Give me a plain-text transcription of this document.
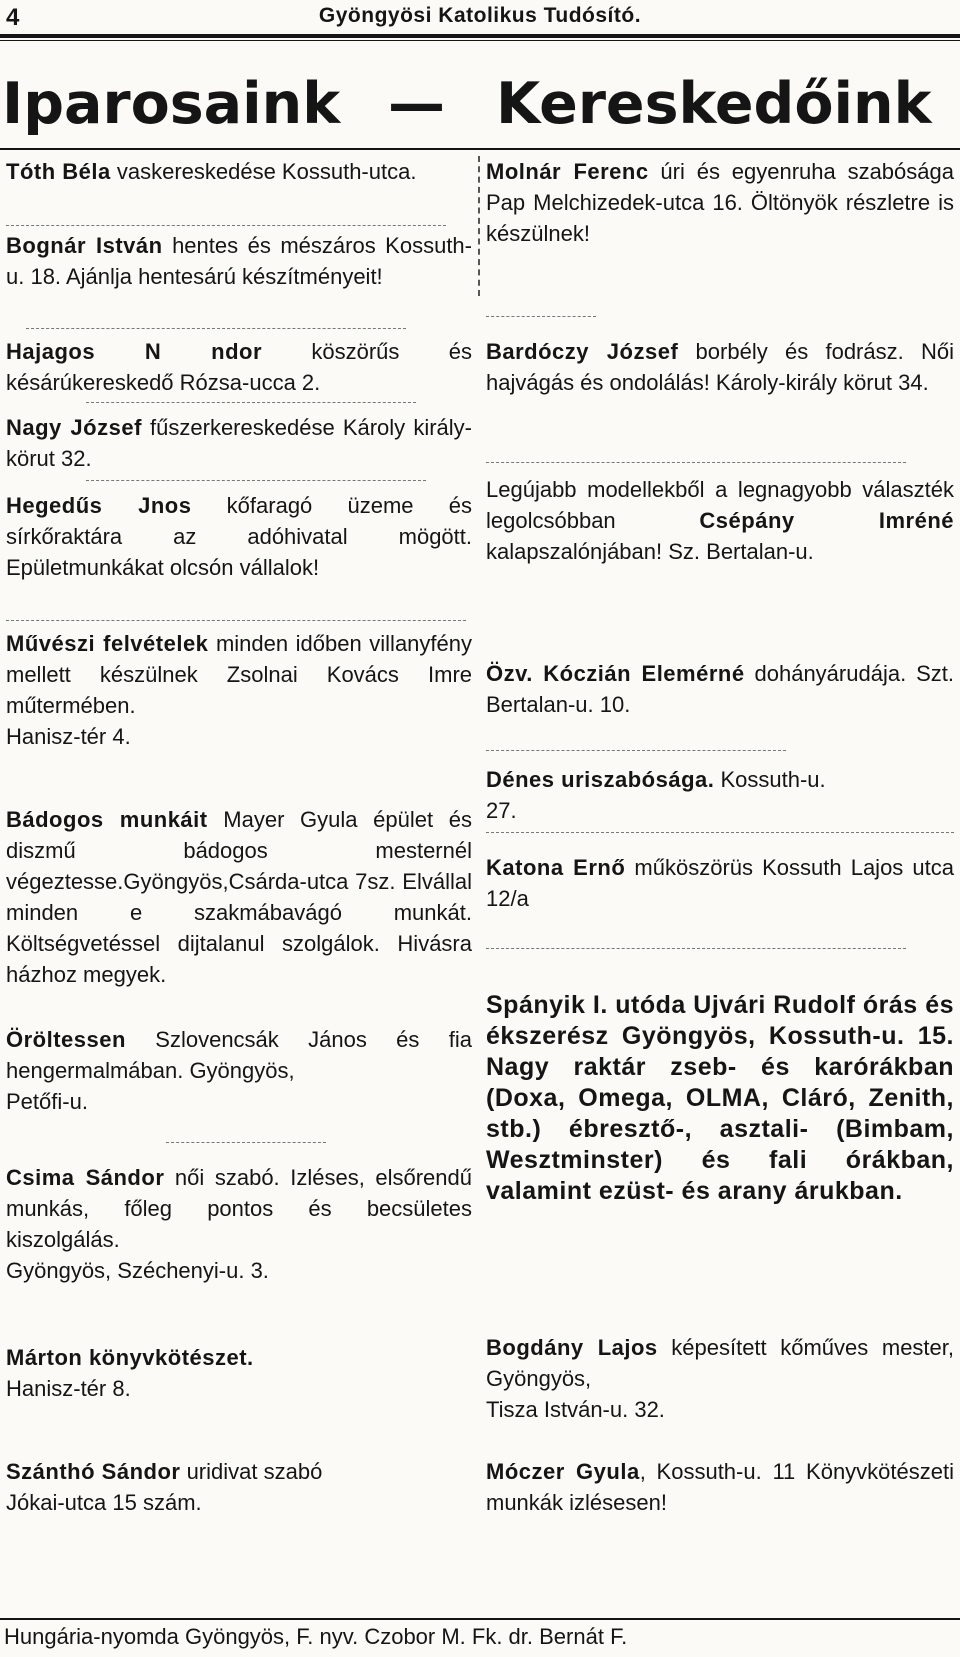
4	Gyöngyösi Katolikus Tudósító.
Iparosaink — Kereskedőink
Tóth Béla vaskereskedése Kossuth-utca.
Bognár István hentes és mészáros Kossuth-u. 18. Ajánlja hentesárú készítményeit!
Hajagos N ndor köszörűs és késárúkereskedő Rózsa-ucca 2.
Nagy József fűszerkereskedése Károly király-körut 32.
Hegedűs Jnos kőfaragó üzeme és sírkőraktára az adóhivatal mögött. Epületmunkákat olcsón vállalok!
Művészi felvételek minden időben villanyfény mellett készülnek Zsolnai Kovács Imre műtermében.
Hanisz-tér 4.
Bádogos munkáit Mayer Gyula épület és diszmű bádogos mesternél végeztesse.Gyöngyös,Csárda-utca 7sz. Elvállal minden e szakmábavágó munkát. Költségvetéssel dijtalanul szolgálok. Hivásra házhoz megyek.
Öröltessen Szlovencsák János és fia hengermalmában. Gyöngyös,
Petőfi-u.
Csima Sándor női szabó. Izléses, elsőrendű munkás, főleg pontos és becsületes kiszolgálás.
Gyöngyös, Széchenyi-u. 3.
Márton könyvkötészet.
Hanisz-tér 8.
Szánthó Sándor uridivat szabó
Jókai-utca 15 szám.
Molnár Ferenc úri és egyenruha szabósága Pap Melchizedek-utca 16. Öltönyök részletre is készülnek!
Bardóczy József borbély és fodrász. Női hajvágás és ondolálás! Károly-király körut 34.
Legújabb modellekből a legnagyobb választék legolcsóbban Csépány Imréné kalapszalónjában! Sz. Bertalan-u.
Özv. Kóczián Elemérné dohányárudája. Szt. Bertalan-u. 10.
Dénes uriszabósága. Kossuth-u.
27.
Katona Ernő műköszörüs Kossuth Lajos utca 12/a
Spányik I. utóda Ujvári Rudolf órás és ékszerész Gyöngyös, Kossuth-u. 15. Nagy raktár zseb- és karórákban (Doxa, Omega, OLMA, Cláró, Zenith, stb.) ébresztő-, asztali- (Bimbam, Wesztminster) és fali órákban, valamint ezüst- és arany árukban.
Bogdány Lajos képesített kőműves mester, Gyöngyös,
Tisza István-u. 32.
Móczer Gyula, Kossuth-u. 11 Könyvkötészeti munkák izlésesen!
Hungária-nyomda Gyöngyös, F. nyv. Czobor M. Fk. dr. Bernát F.
